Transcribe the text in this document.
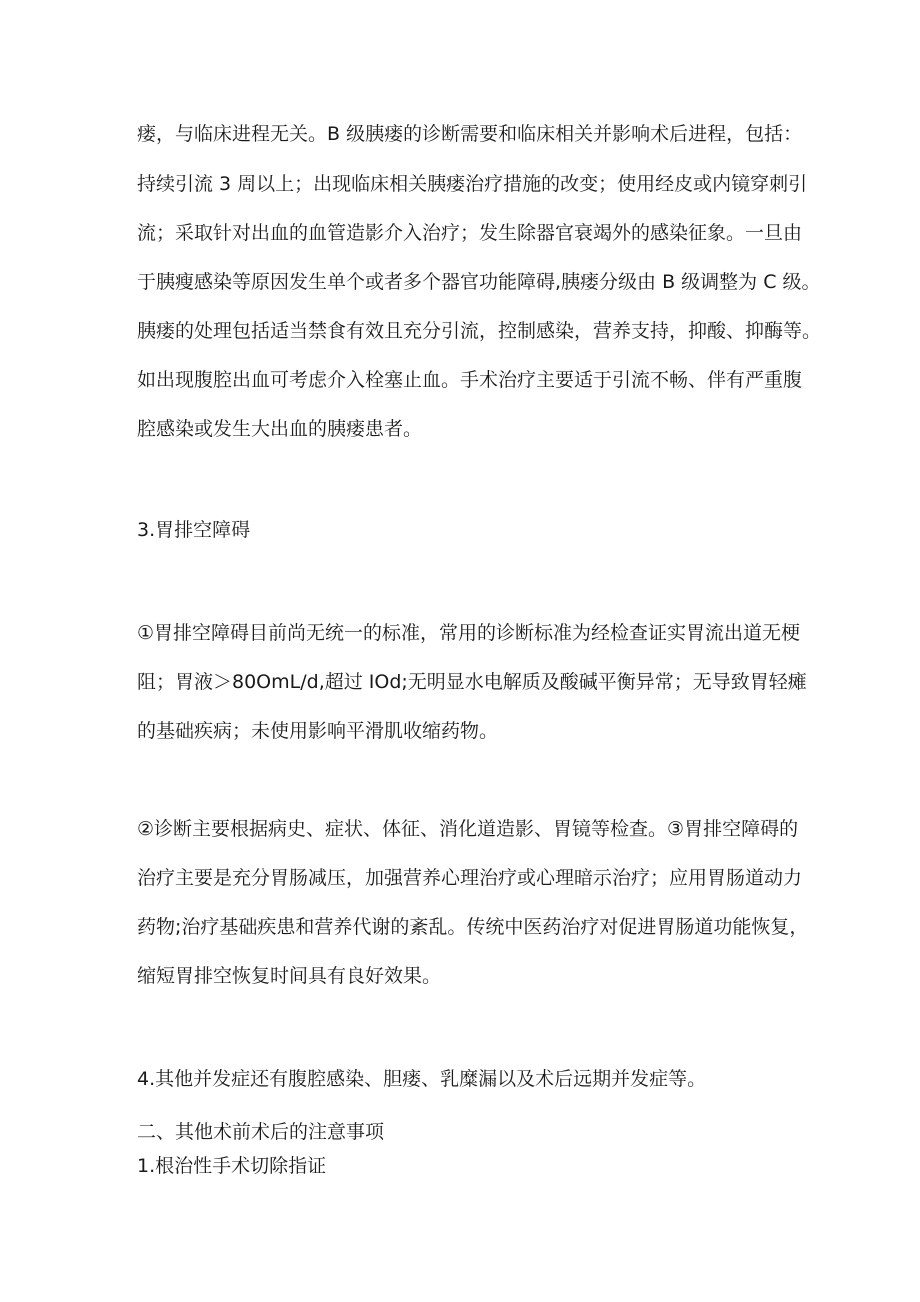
瘘，与临床进程无关。B 级胰瘘的诊断需要和临床相关并影响术后进程，包括：
持续引流 3 周以上；出现临床相关胰瘘治疗措施的改变；使用经皮或内镜穿刺引
流；采取针对出血的血管造影介入治疗；发生除器官衰竭外的感染征象。一旦由
于胰瘦感染等原因发生单个或者多个器官功能障碍,胰瘘分级由 B 级调整为 C 级。
胰瘘的处理包括适当禁食有效且充分引流，控制感染，营养支持，抑酸、抑酶等。
如出现腹腔出血可考虑介入栓塞止血。手术治疗主要适于引流不畅、伴有严重腹
腔感染或发生大出血的胰瘘患者。
3.胃排空障碍
①胃排空障碍目前尚无统一的标准，常用的诊断标准为经检查证实胃流出道无梗
阻；胃液＞80OmL/d,超过 IOd;无明显水电解质及酸碱平衡异常；无导致胃轻瘫
的基础疾病；未使用影响平滑肌收缩药物。
②诊断主要根据病史、症状、体征、消化道造影、胃镜等检查。③胃排空障碍的
治疗主要是充分胃肠减压，加强营养心理治疗或心理暗示治疗；应用胃肠道动力
药物;治疗基础疾患和营养代谢的紊乱。传统中医药治疗对促进胃肠道功能恢复，
缩短胃排空恢复时间具有良好效果。
4.其他并发症还有腹腔感染、胆瘘、乳糜漏以及术后远期并发症等。
二、其他术前术后的注意事项
1.根治性手术切除指证
